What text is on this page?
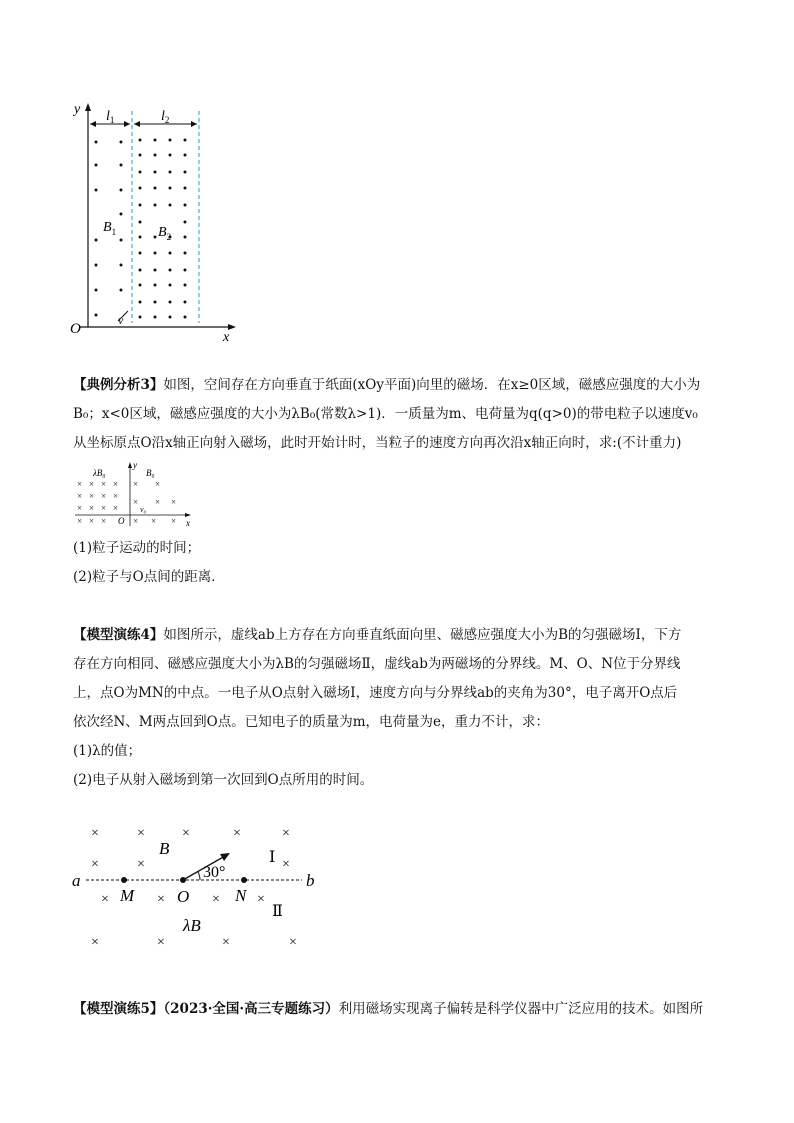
y
x
O
$l_1$	$l_2$
$B_1$	$B_2$
v
【典例分析3】如图，空间存在方向垂直于纸面(xOy平面)向里的磁场．在x≥0区域，磁感应强度的大小为
B₀；x<0区域，磁感应强度的大小为λB₀(常数λ>1)．一质量为m、电荷量为q(q>0)的带电粒子以速度v₀
从坐标原点O沿x轴正向射入磁场，此时开始计时，当粒子的速度方向再次沿x轴正向时，求:(不计重力)
× × × ×
× × × ×
× × × ×
× × ×
× ×
× × ×
× × ×
λB₀	B₀
v₀
y
x
O
(1)粒子运动的时间；
(2)粒子与O点间的距离．
【模型演练4】如图所示，虚线ab上方存在方向垂直纸面向里、磁感应强度大小为B的匀强磁场Ⅰ，下方
存在方向相同、磁感应强度大小为λB的匀强磁场Ⅱ，虚线ab为两磁场的分界线。M、O、N位于分界线
上，点O为MN的中点。一电子从O点射入磁场Ⅰ，速度方向与分界线ab的夹角为30°，电子离开O点后
依次经N、M两点回到O点。已知电子的质量为m，电荷量为e，重力不计，求：
(1)λ的值；
(2)电子从射入磁场到第一次回到O点所用的时间。
×	×	×	×	×
×	×	×
×	×	×	×
×	×	×	×
a	b
M	O	N
B
λB
30°
Ⅰ
Ⅱ
【模型演练5】（2023·全国·高三专题练习）利用磁场实现离子偏转是科学仪器中广泛应用的技术。如图所
